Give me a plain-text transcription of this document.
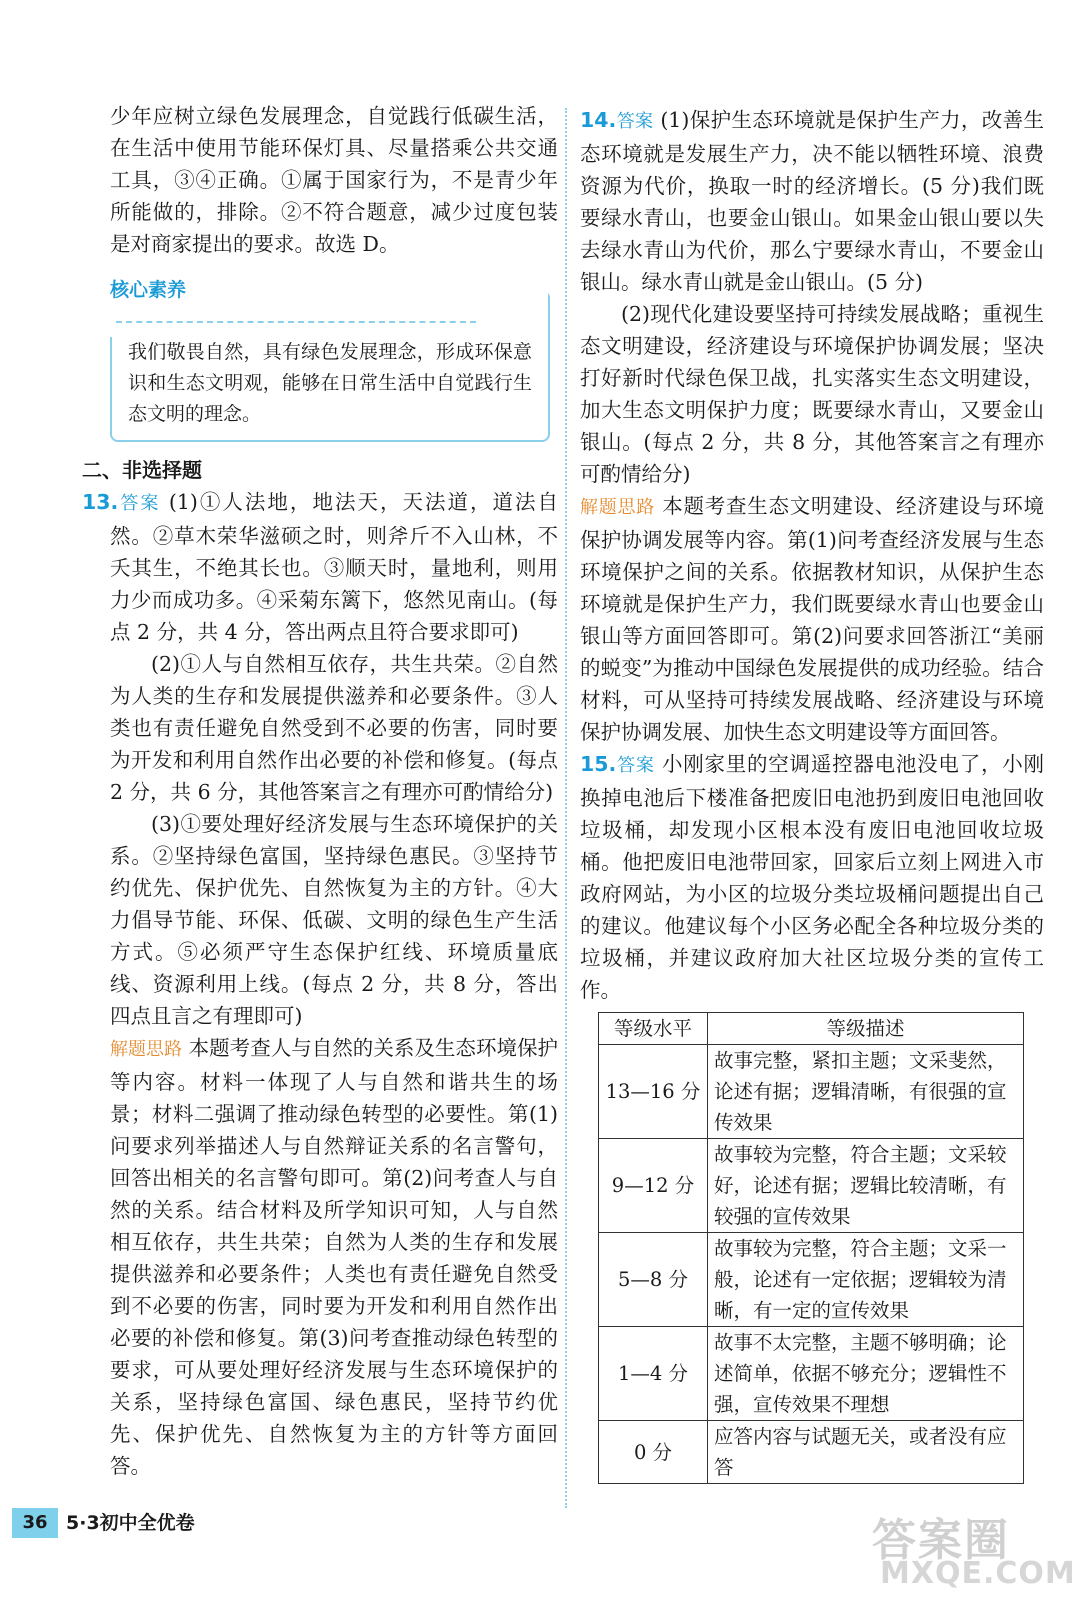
少年应树立绿色发展理念，自觉践行低碳生活，在生活中使用节能环保灯具、尽量搭乘公共交通工具，③④正确。①属于国家行为，不是青少年所能做的，排除。②不符合题意，减少过度包装是对商家提出的要求。故选 D。

核心素养

我们敬畏自然，具有绿色发展理念，形成环保意识和生态文明观，能够在日常生活中自觉践行生态文明的理念。

二、非选择题

13.答案 (1)①人法地，地法天，天法道，道法自然。②草木荣华滋硕之时，则斧斤不入山林，不夭其生，不绝其长也。③顺天时，量地利，则用力少而成功多。④采菊东篱下，悠然见南山。(每点 2 分，共 4 分，答出两点且符合要求即可)

(2)①人与自然相互依存，共生共荣。②自然为人类的生存和发展提供滋养和必要条件。③人类也有责任避免自然受到不必要的伤害，同时要为开发和利用自然作出必要的补偿和修复。(每点 2 分，共 6 分，其他答案言之有理亦可酌情给分)

(3)①要处理好经济发展与生态环境保护的关系。②坚持绿色富国，坚持绿色惠民。③坚持节约优先、保护优先、自然恢复为主的方针。④大力倡导节能、环保、低碳、文明的绿色生产生活方式。⑤必须严守生态保护红线、环境质量底线、资源利用上线。(每点 2 分，共 8 分，答出四点且言之有理即可)

解题思路 本题考查人与自然的关系及生态环境保护等内容。材料一体现了人与自然和谐共生的场景；材料二强调了推动绿色转型的必要性。第(1)问要求列举描述人与自然辩证关系的名言警句，回答出相关的名言警句即可。第(2)问考查人与自然的关系。结合材料及所学知识可知，人与自然相互依存，共生共荣；自然为人类的生存和发展提供滋养和必要条件；人类也有责任避免自然受到不必要的伤害，同时要为开发和利用自然作出必要的补偿和修复。第(3)问考查推动绿色转型的要求，可从要处理好经济发展与生态环境保护的关系，坚持绿色富国、绿色惠民，坚持节约优先、保护优先、自然恢复为主的方针等方面回答。

14.答案 (1)保护生态环境就是保护生产力，改善生态环境就是发展生产力，决不能以牺牲环境、浪费资源为代价，换取一时的经济增长。(5 分)我们既要绿水青山，也要金山银山。如果金山银山要以失去绿水青山为代价，那么宁要绿水青山，不要金山银山。绿水青山就是金山银山。(5 分)

(2)现代化建设要坚持可持续发展战略；重视生态文明建设，经济建设与环境保护协调发展；坚决打好新时代绿色保卫战，扎实落实生态文明建设，加大生态文明保护力度；既要绿水青山，又要金山银山。(每点 2 分，共 8 分，其他答案言之有理亦可酌情给分)

解题思路 本题考查生态文明建设、经济建设与环境保护协调发展等内容。第(1)问考查经济发展与生态环境保护之间的关系。依据教材知识，从保护生态环境就是保护生产力，我们既要绿水青山也要金山银山等方面回答即可。第(2)问要求回答浙江“美丽的蜕变”为推动中国绿色发展提供的成功经验。结合材料，可从坚持可持续发展战略、经济建设与环境保护协调发展、加快生态文明建设等方面回答。

15.答案 小刚家里的空调遥控器电池没电了，小刚换掉电池后下楼准备把废旧电池扔到废旧电池回收垃圾桶，却发现小区根本没有废旧电池回收垃圾桶。他把废旧电池带回家，回家后立刻上网进入市政府网站，为小区的垃圾分类垃圾桶问题提出自己的建议。他建议每个小区务必配全各种垃圾分类的垃圾桶，并建议政府加大社区垃圾分类的宣传工作。

等级水平	等级描述
13—16 分	故事完整，紧扣主题；文采斐然，论述有据；逻辑清晰，有很强的宣传效果
9—12 分	故事较为完整，符合主题；文采较好，论述有据；逻辑比较清晰，有较强的宣传效果
5—8 分	故事较为完整，符合主题；文采一般，论述有一定依据；逻辑较为清晰，有一定的宣传效果
1—4 分	故事不太完整，主题不够明确；论述简单，依据不够充分；逻辑性不强，宣传效果不理想
0 分	应答内容与试题无关，或者没有应答
36 5·3初中全优卷	答案圈
MXQE.COM
